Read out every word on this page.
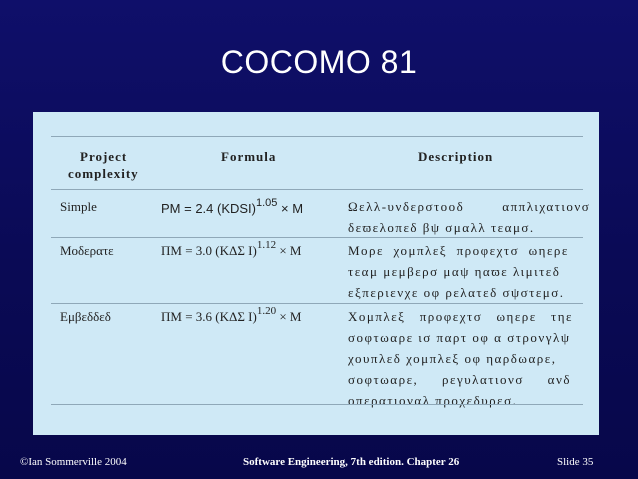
COCOMO 81
Project
complexity
Formula	Description
Simple	PM = 2.4 (KDSI)$^{1.05}$ × M	Ωελλ-υνδερστοοδ        αππλιχατιονσ
δεϖελοπεδ βψ σμαλλ τεαμσ.
Μοδερατε	ΠΜ = 3.0 (ΚΔΣ Ι)$^{1.12}$ × M	Μορε  χομπλεξ  προφεχτσ  ωηερε
τεαμ μεμβερσ μαψ ηαϖε λιμιτεδ
εξπεριενχε οφ ρελατεδ σψστεμσ.
Εμβεδδεδ	ΠΜ = 3.6 (ΚΔΣ Ι)$^{1.20}$ × M	Χομπλεξ   προφεχτσ   ωηερε   τηε
σοφτωαρε ισ παρτ οφ α στρονγλψ
χουπλεδ χομπλεξ οφ ηαρδωαρε,
σοφτωαρε,     ρεγυλατιονσ     ανδ
οπερατιοναλ προχεδυρεσ.
©Ian Sommerville 2004	Software Engineering, 7th edition. Chapter 26	Slide 35
